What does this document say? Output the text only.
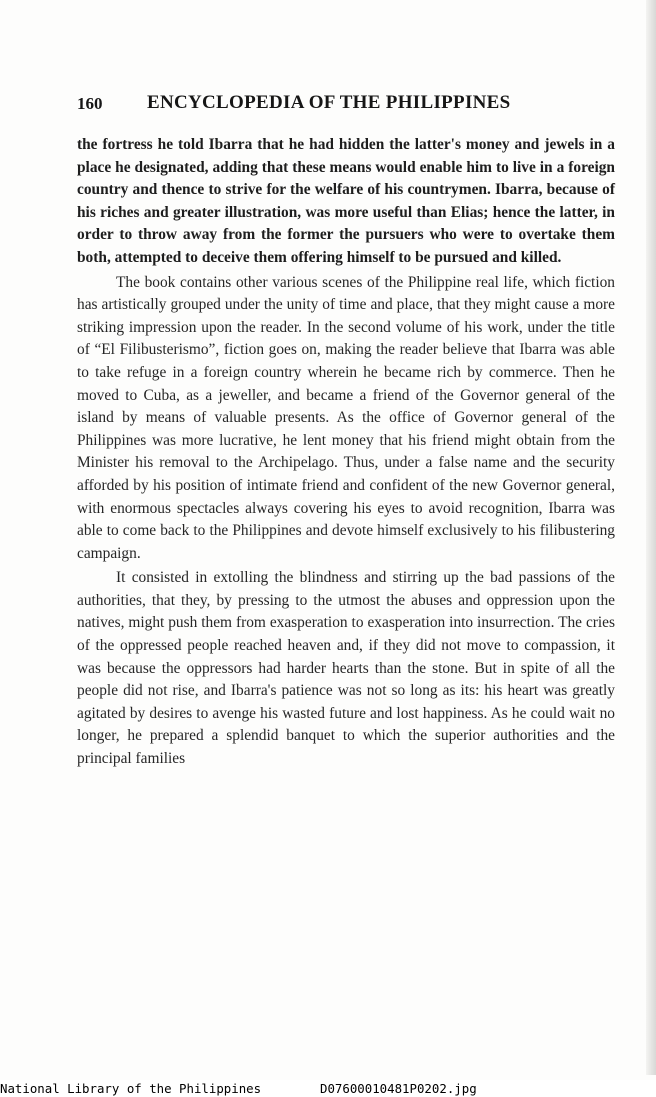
160 ENCYCLOPEDIA OF THE PHILIPPINES

the fortress he told Ibarra that he had hidden the latter's money and jewels in a place he designated, adding that these means would enable him to live in a foreign country and thence to strive for the welfare of his countrymen. Ibarra, because of his riches and greater illustration, was more useful than Elias; hence the latter, in order to throw away from the former the pursuers who were to overtake them both, attempted to deceive them offering himself to be pursued and killed.

The book contains other various scenes of the Philippine real life, which fiction has artistically grouped under the unity of time and place, that they might cause a more striking impression upon the reader. In the second volume of his work, under the title of “El Filibusterismo”, fiction goes on, making the reader believe that Ibarra was able to take refuge in a foreign country wherein he became rich by commerce. Then he moved to Cuba, as a jeweller, and became a friend of the Governor general of the island by means of valuable presents. As the office of Governor general of the Philippines was more lucrative, he lent money that his friend might obtain from the Minister his removal to the Archipelago. Thus, under a false name and the security afforded by his position of intimate friend and confident of the new Governor general, with enormous spectacles always covering his eyes to avoid recognition, Ibarra was able to come back to the Philippines and devote himself exclusively to his filibustering campaign.

It consisted in extolling the blindness and stirring up the bad passions of the authorities, that they, by pressing to the utmost the abuses and oppression upon the natives, might push them from exasperation to exasperation into insurrection. The cries of the oppressed people reached heaven and, if they did not move to compassion, it was because the oppressors had harder hearts than the stone. But in spite of all the people did not rise, and Ibarra's patience was not so long as its: his heart was greatly agitated by desires to avenge his wasted future and lost happiness. As he could wait no longer, he prepared a splendid banquet to which the superior authorities and the principal families

National Library of the Philippines

	D07600010481P0202.jpg
